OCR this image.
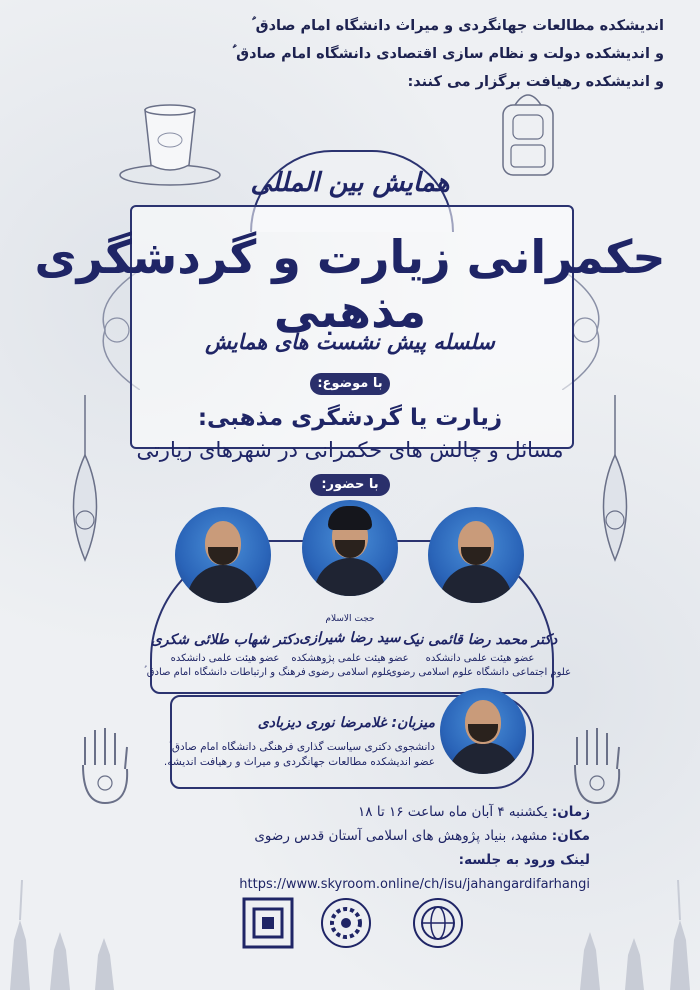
اندیشکده مطالعات جهانگردی و میراث دانشگاه امام صادق ؑ
و اندیشکده دولت و نظام سازی اقتصادی دانشگاه امام صادق ؑ
و اندیشکده رهیافت برگزار می کنند:
همایش بین المللی
حکمرانی زیارت و گردشگری مذهبی
سلسله پیش نشست های همایش
با موضوع:
زیارت یا گردشگری مذهبی:
مسائل و چالش های حکمرانی در شهرهای زیارتی
با حضور:
دکتر شهاب طلائی شکری
عضو هیئت علمی دانشکده
فرهنگ و ارتباطات دانشگاه امام صادق ؑ
حجت الاسلام
سید رضا شیرازی
عضو هیئت علمی پژوهشکده
علوم اسلامی رضوی
دکتر محمد رضا قائمی نیک
عضو هیئت علمی دانشکده
علوم اجتماعی دانشگاه علوم اسلامی رضوی
میزبان: غلامرضا نوری دیزبادی
دانشجوی دکتری سیاست گذاری فرهنگی دانشگاه امام صادق ؑ
عضو اندیشکده مطالعات جهانگردی و میراث و رهیافت اندیشه.
زمان: یکشنبه ۴ آبان ماه ساعت ۱۶ تا ۱۸
مکان: مشهد، بنیاد پژوهش های اسلامی آستان قدس رضوی
لینک ورود به جلسه: https://www.skyroom.online/ch/isu/jahangardifarhangi
